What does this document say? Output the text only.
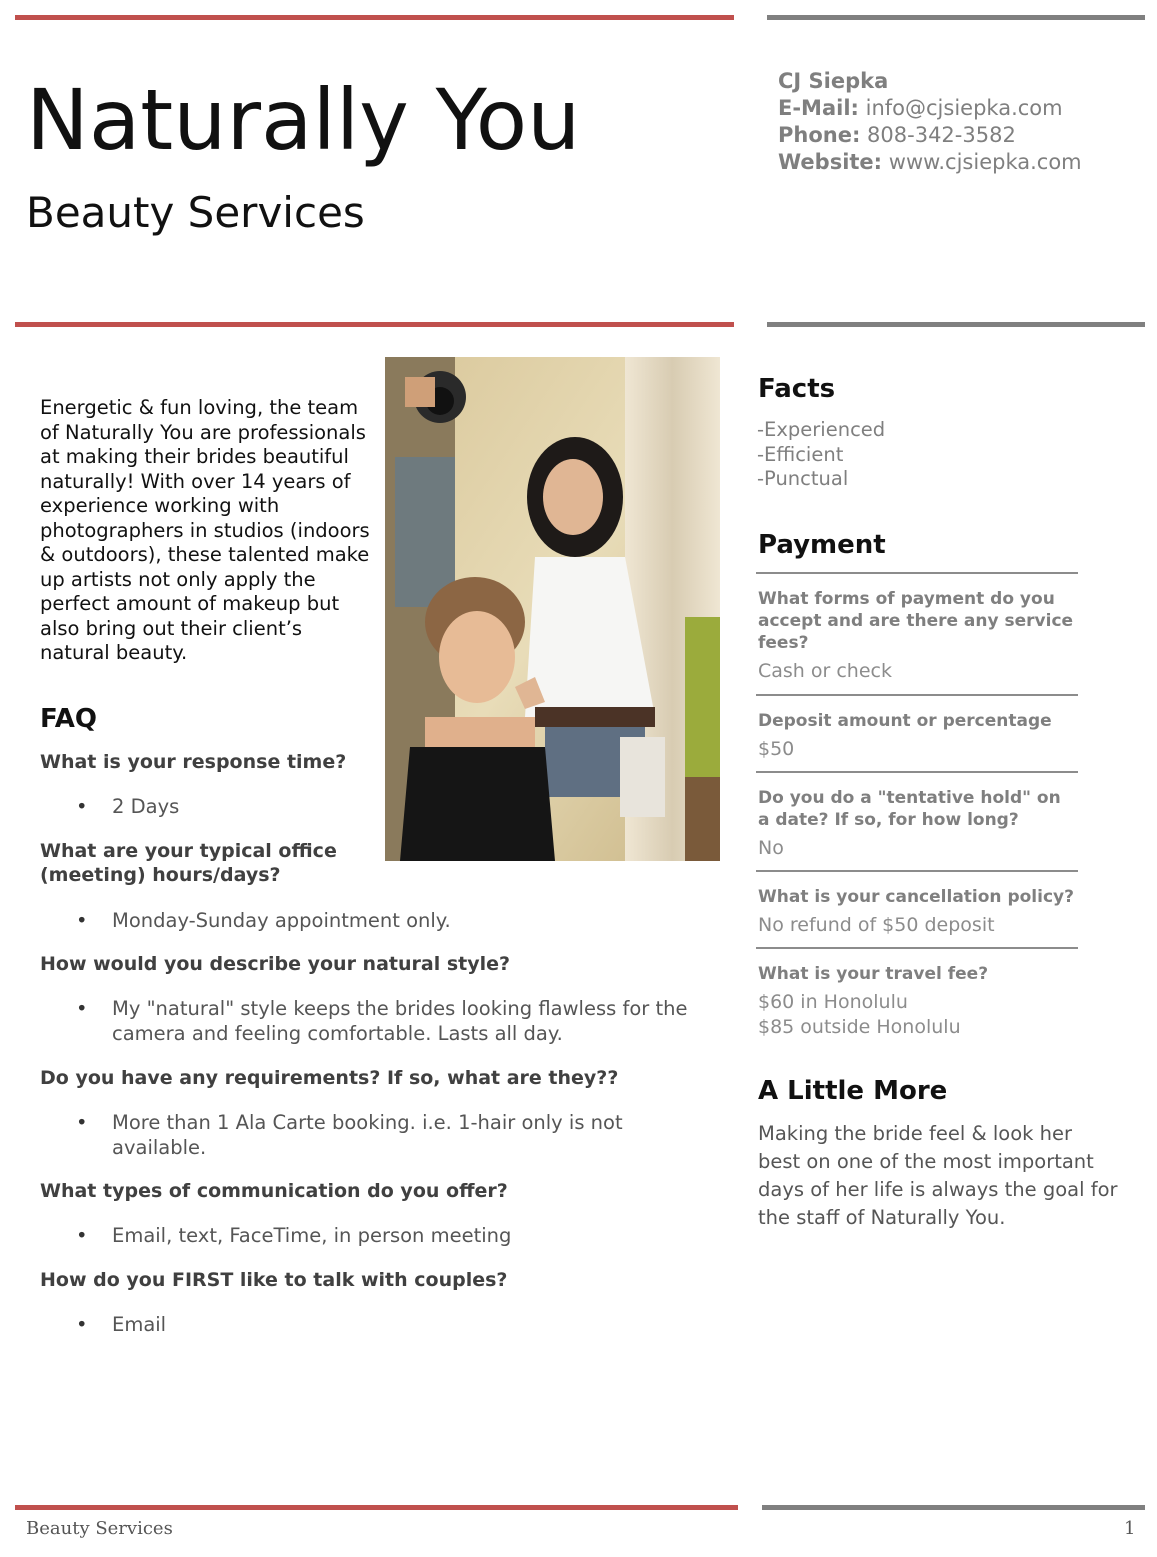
Naturally You
Beauty Services
CJ Siepka
E-Mail: info@cjsiepka.com
Phone: 808-342-3582
Website: www.cjsiepka.com
Energetic & fun loving, the team of Naturally You are professionals at making their brides beautiful naturally! With over 14 years of experience working with photographers in studios (indoors & outdoors), these talented make up artists not only apply the perfect amount of makeup but also bring out their client’s natural beauty.
FAQ
What is your response time?
• 2 Days
What are your typical office (meeting) hours/days?
• Monday-Sunday appointment only.
How would you describe your natural style?
• My "natural" style keeps the brides looking flawless for the camera and feeling comfortable. Lasts all day.
Do you have any requirements? If so, what are they??
• More than 1 Ala Carte booking. i.e. 1-hair only is not available.
What types of communication do you offer?
• Email, text, FaceTime, in person meeting
How do you FIRST like to talk with couples?
• Email
Facts
-Experienced
-Efficient
-Punctual
Payment
What forms of payment do you accept and are there any service fees?
Cash or check
Deposit amount or percentage
$50
Do you do a "tentative hold" on a date? If so, for how long?
No
What is your cancellation policy?
No refund of $50 deposit
What is your travel fee?
$60 in Honolulu
$85 outside Honolulu
A Little More
Making the bride feel & look her best on one of the most important days of her life is always the goal for the staff of Naturally You.
Beauty Services	1
